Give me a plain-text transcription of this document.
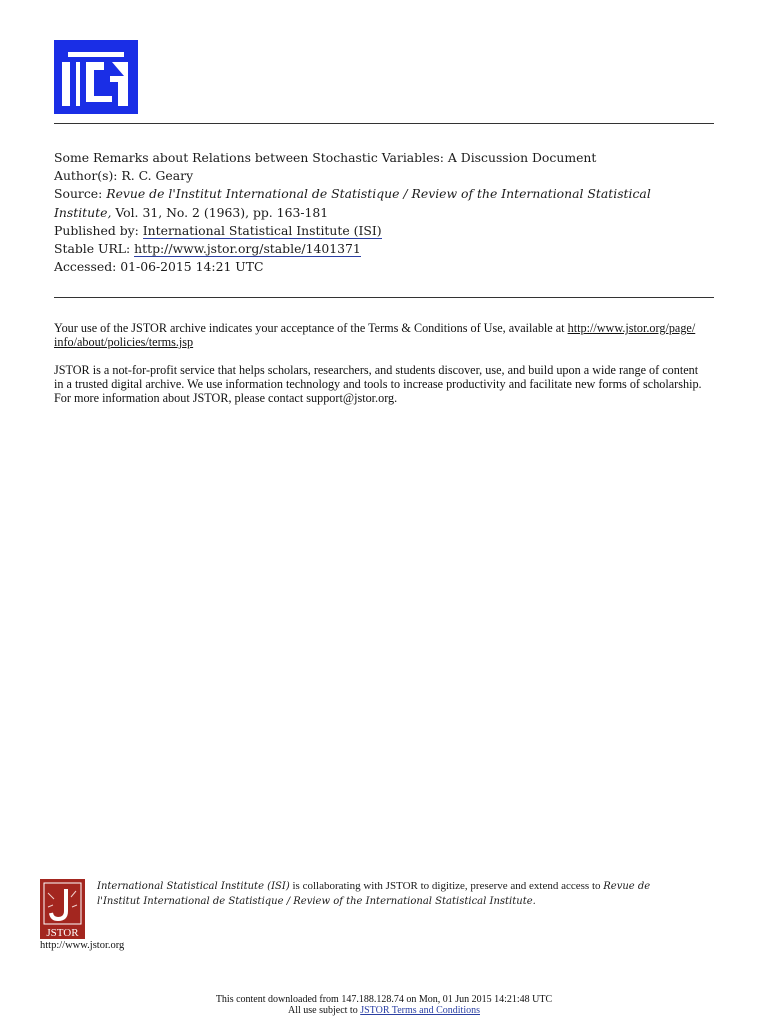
Some Remarks about Relations between Stochastic Variables: A Discussion Document
Author(s): R. C. Geary
Source: Revue de l'Institut International de Statistique / Review of the International Statistical
Institute, Vol. 31, No. 2 (1963), pp. 163-181
Published by: International Statistical Institute (ISI)
Stable URL: http://www.jstor.org/stable/1401371
Accessed: 01-06-2015 14:21 UTC
Your use of the JSTOR archive indicates your acceptance of the Terms & Conditions of Use, available at http://www.jstor.org/page/
info/about/policies/terms.jsp
JSTOR is a not-for-profit service that helps scholars, researchers, and students discover, use, and build upon a wide range of content
in a trusted digital archive. We use information technology and tools to increase productivity and facilitate new forms of scholarship.
For more information about JSTOR, please contact support@jstor.org.
JSTOR
International Statistical Institute (ISI) is collaborating with JSTOR to digitize, preserve and extend access to Revue de
l'Institut International de Statistique / Review of the International Statistical Institute.
http://www.jstor.org
This content downloaded from 147.188.128.74 on Mon, 01 Jun 2015 14:21:48 UTC
All use subject to JSTOR Terms and Conditions
